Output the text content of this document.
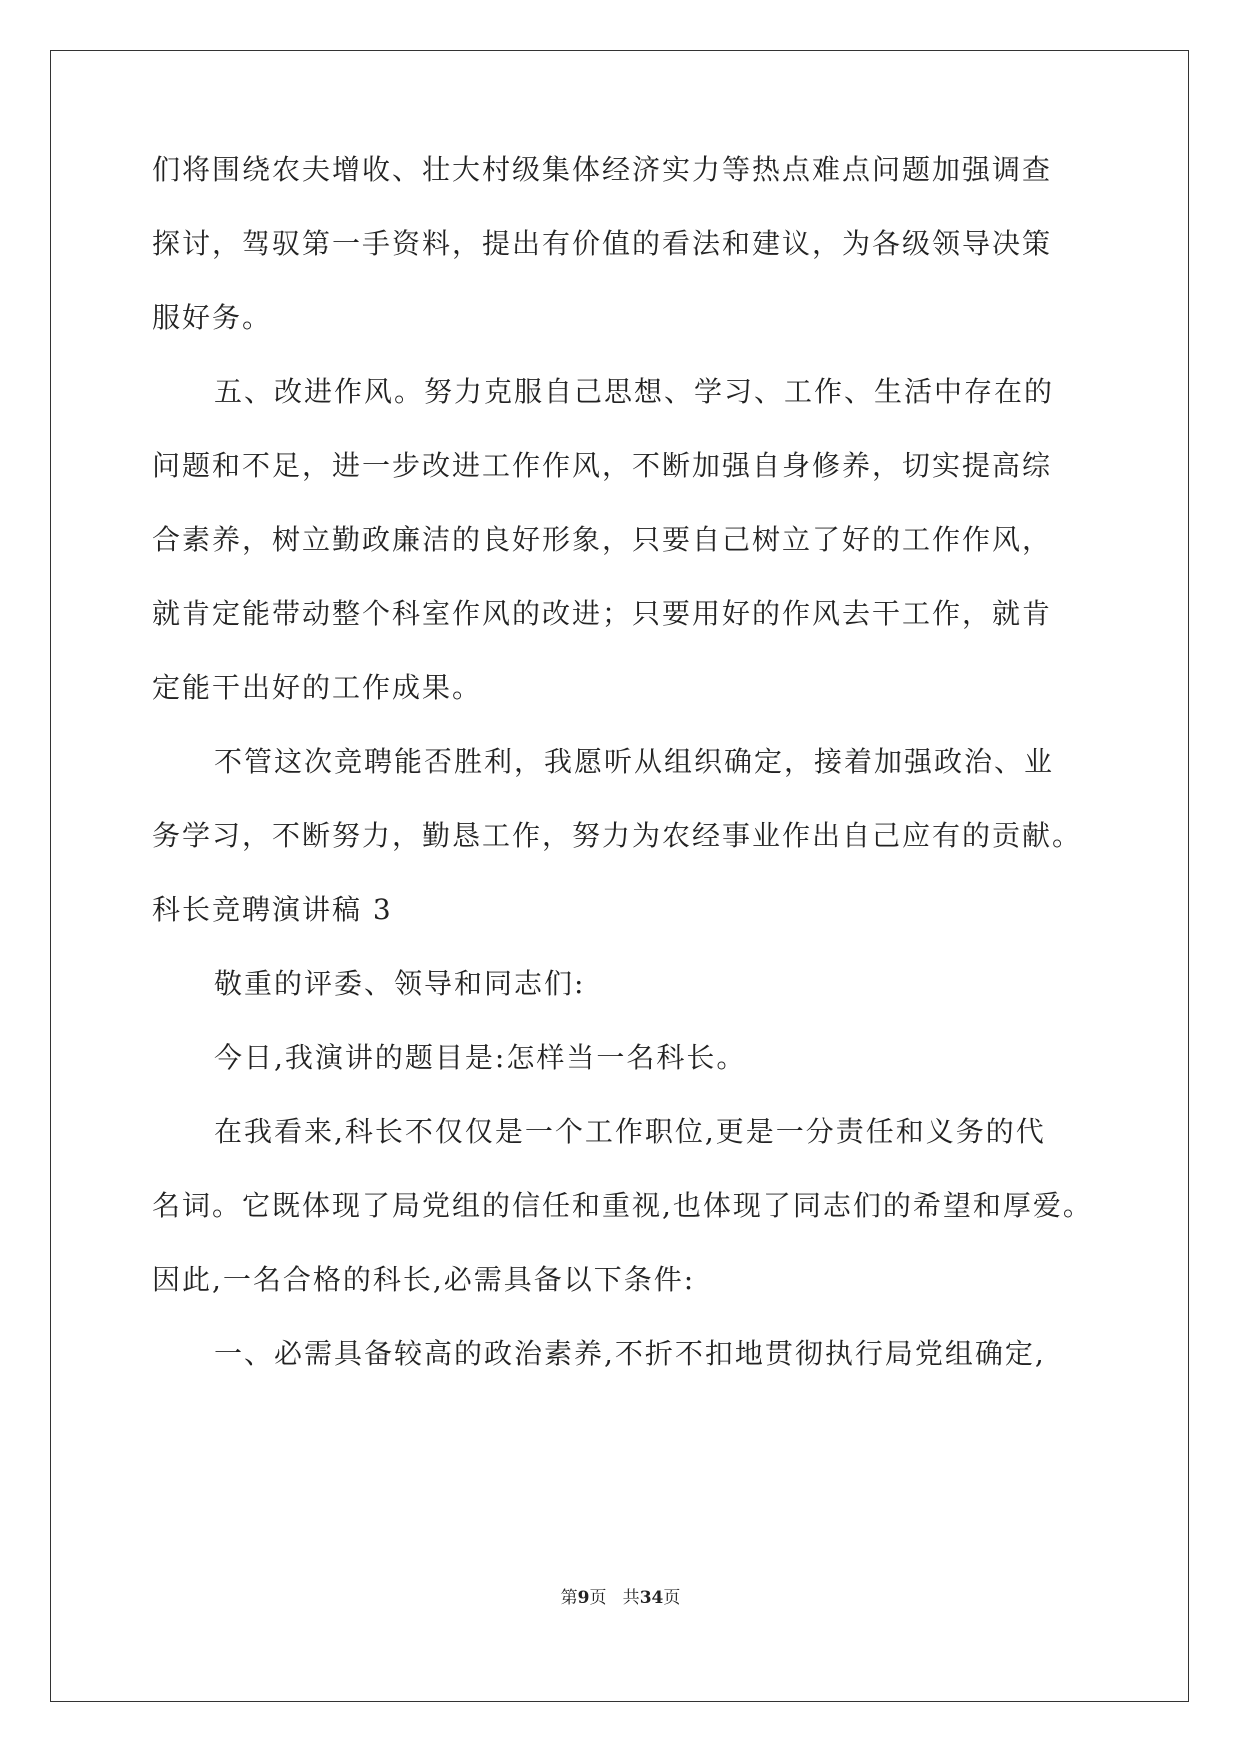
们将围绕农夫增收、壮大村级集体经济实力等热点难点问题加强调查
探讨，驾驭第一手资料，提出有价值的看法和建议，为各级领导决策
服好务。
五、改进作风。努力克服自己思想、学习、工作、生活中存在的
问题和不足，进一步改进工作作风，不断加强自身修养，切实提高综
合素养，树立勤政廉洁的良好形象，只要自己树立了好的工作作风，
就肯定能带动整个科室作风的改进；只要用好的作风去干工作，就肯
定能干出好的工作成果。
不管这次竞聘能否胜利，我愿听从组织确定，接着加强政治、业
务学习，不断努力，勤恳工作，努力为农经事业作出自己应有的贡献。
科长竞聘演讲稿 3
敬重的评委、领导和同志们:
今日,我演讲的题目是:怎样当一名科长。
在我看来,科长不仅仅是一个工作职位,更是一分责任和义务的代
名词。它既体现了局党组的信任和重视,也体现了同志们的希望和厚爱。
因此,一名合格的科长,必需具备以下条件:
一、必需具备较高的政治素养,不折不扣地贯彻执行局党组确定,
第9页   共34页
